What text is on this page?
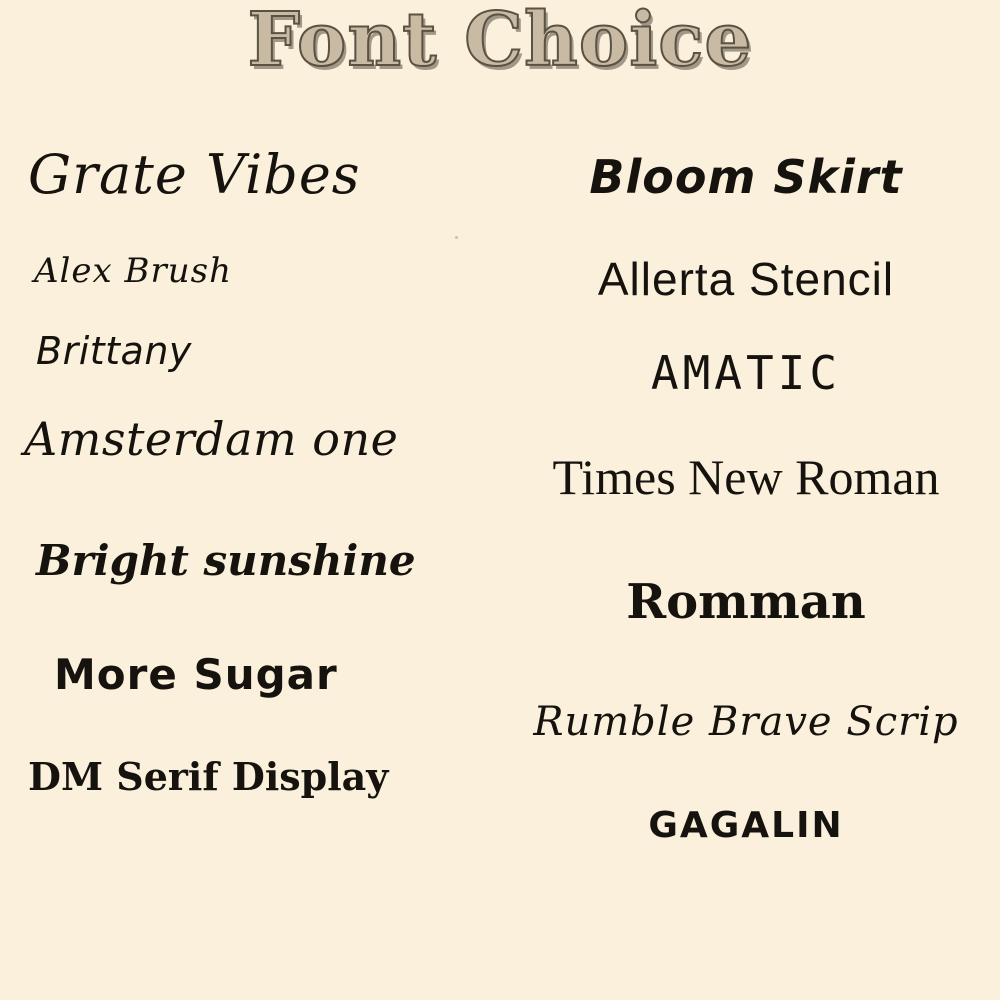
Font Choice
Grate Vibes
Alex Brush
Brittany
Amsterdam one
Bright sunshine
More Sugar
DM Serif Display
Bloom Skirt
Allerta Stencil
AMATIC
Times New Roman
Romman
Rumble Brave Scrip
GAGALIN
